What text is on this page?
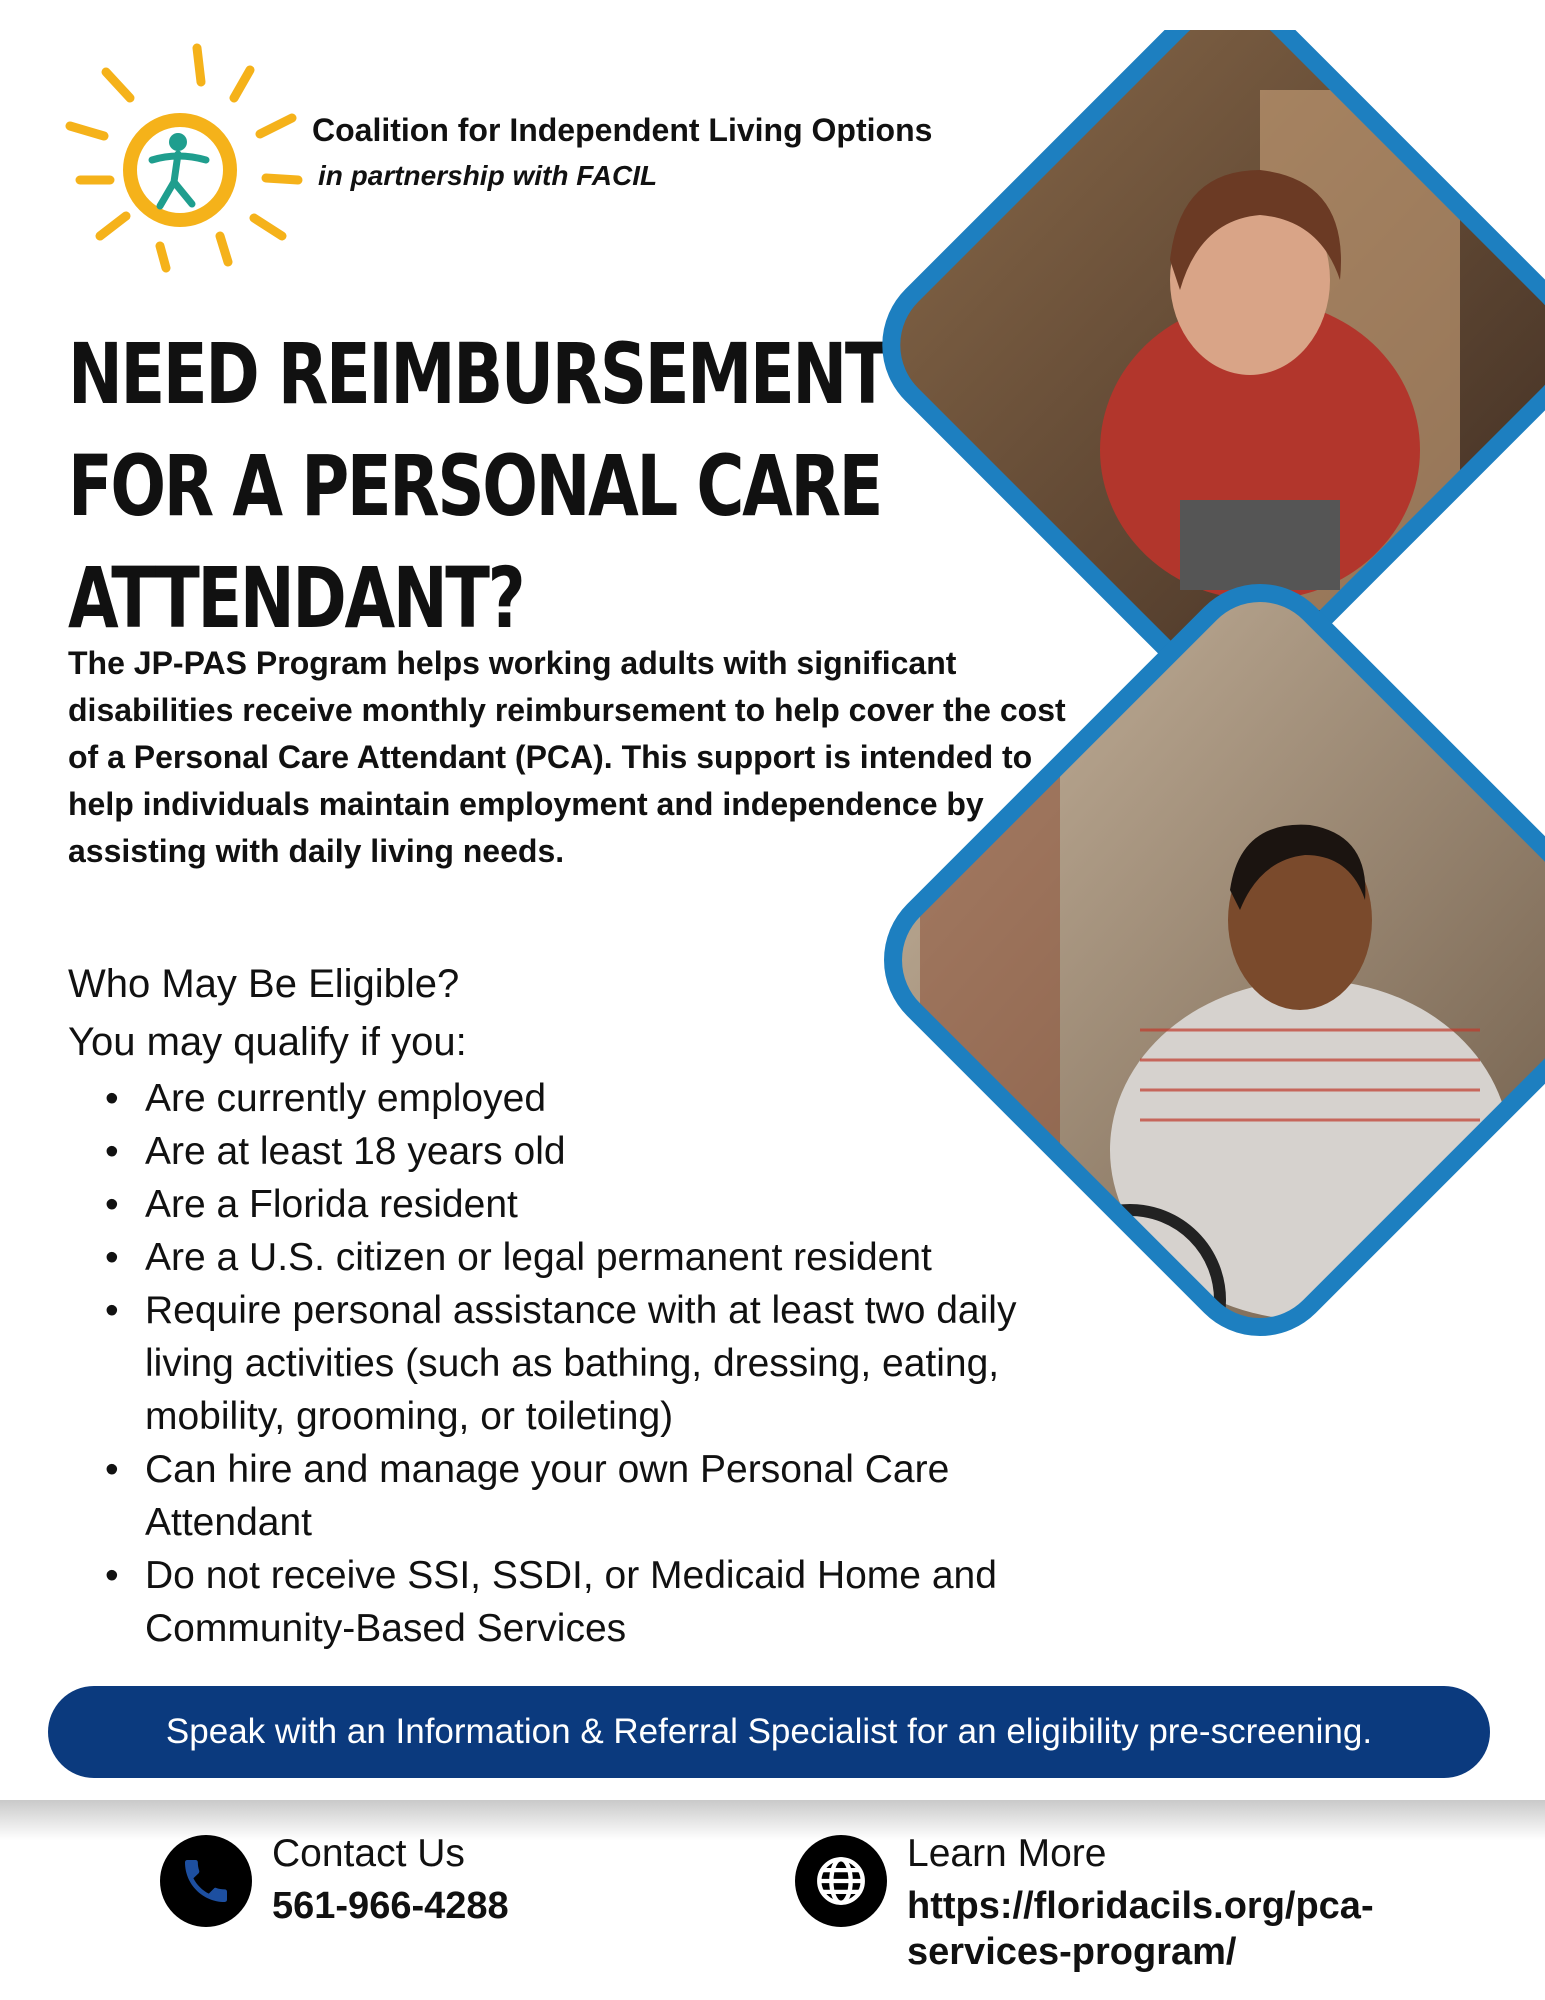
Coalition for Independent Living Options
in partnership with FACIL
NEED REIMBURSEMENT
FOR A PERSONAL CARE
ATTENDANT?
The JP-PAS Program helps working adults with significant disabilities receive monthly reimbursement to help cover the cost of a Personal Care Attendant (PCA). This support is intended to help individuals maintain employment and independence by assisting with daily living needs.
Who May Be Eligible?
You may qualify if you:
• Are currently employed
• Are at least 18 years old
• Are a Florida resident
• Are a U.S. citizen or legal permanent resident
• Require personal assistance with at least two daily living activities (such as bathing, dressing, eating, mobility, grooming, or toileting)
• Can hire and manage your own Personal Care Attendant
• Do not receive SSI, SSDI, or Medicaid Home and Community-Based Services
Speak with an Information & Referral Specialist for an eligibility pre-screening.
Contact Us
561-966-4288
Learn More
https://floridacils.org/pca-services-program/
